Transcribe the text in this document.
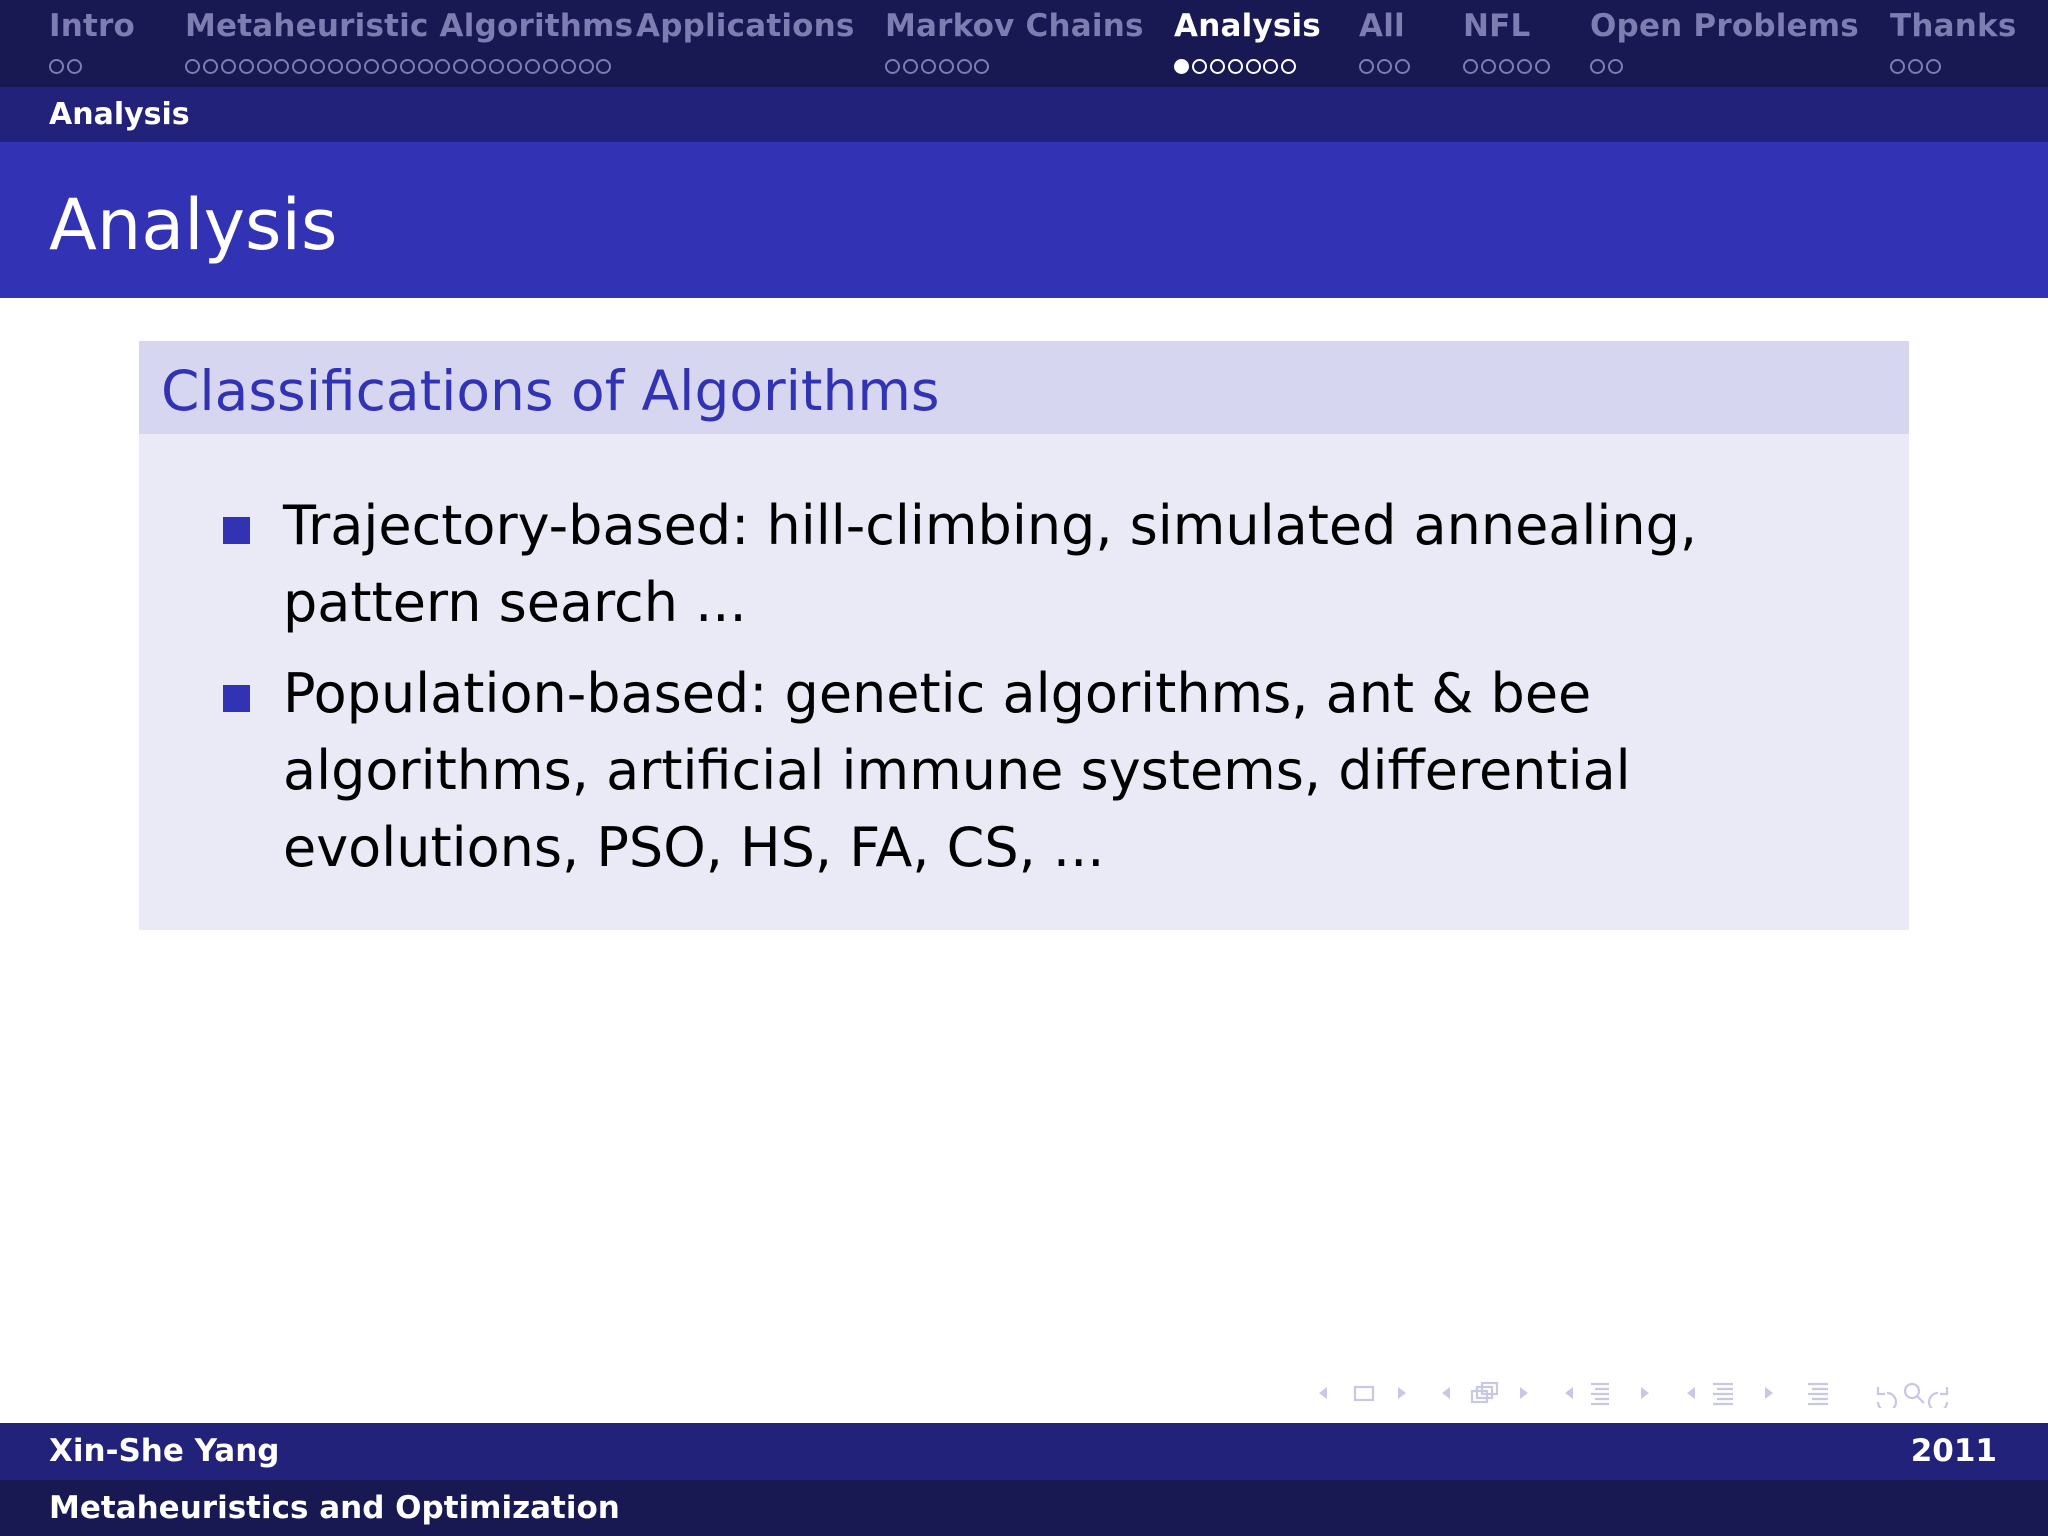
Intro Metaheuristic Algorithms Applications Markov Chains Analysis All NFL Open Problems Thanks
Analysis
Analysis
Classifications of Algorithms
Trajectory-based: hill-climbing, simulated annealing, pattern search ...
Population-based: genetic algorithms, ant & bee algorithms, artificial immune systems, differential evolutions, PSO, HS, FA, CS, ...
Xin-She Yang	2011
Metaheuristics and Optimization
